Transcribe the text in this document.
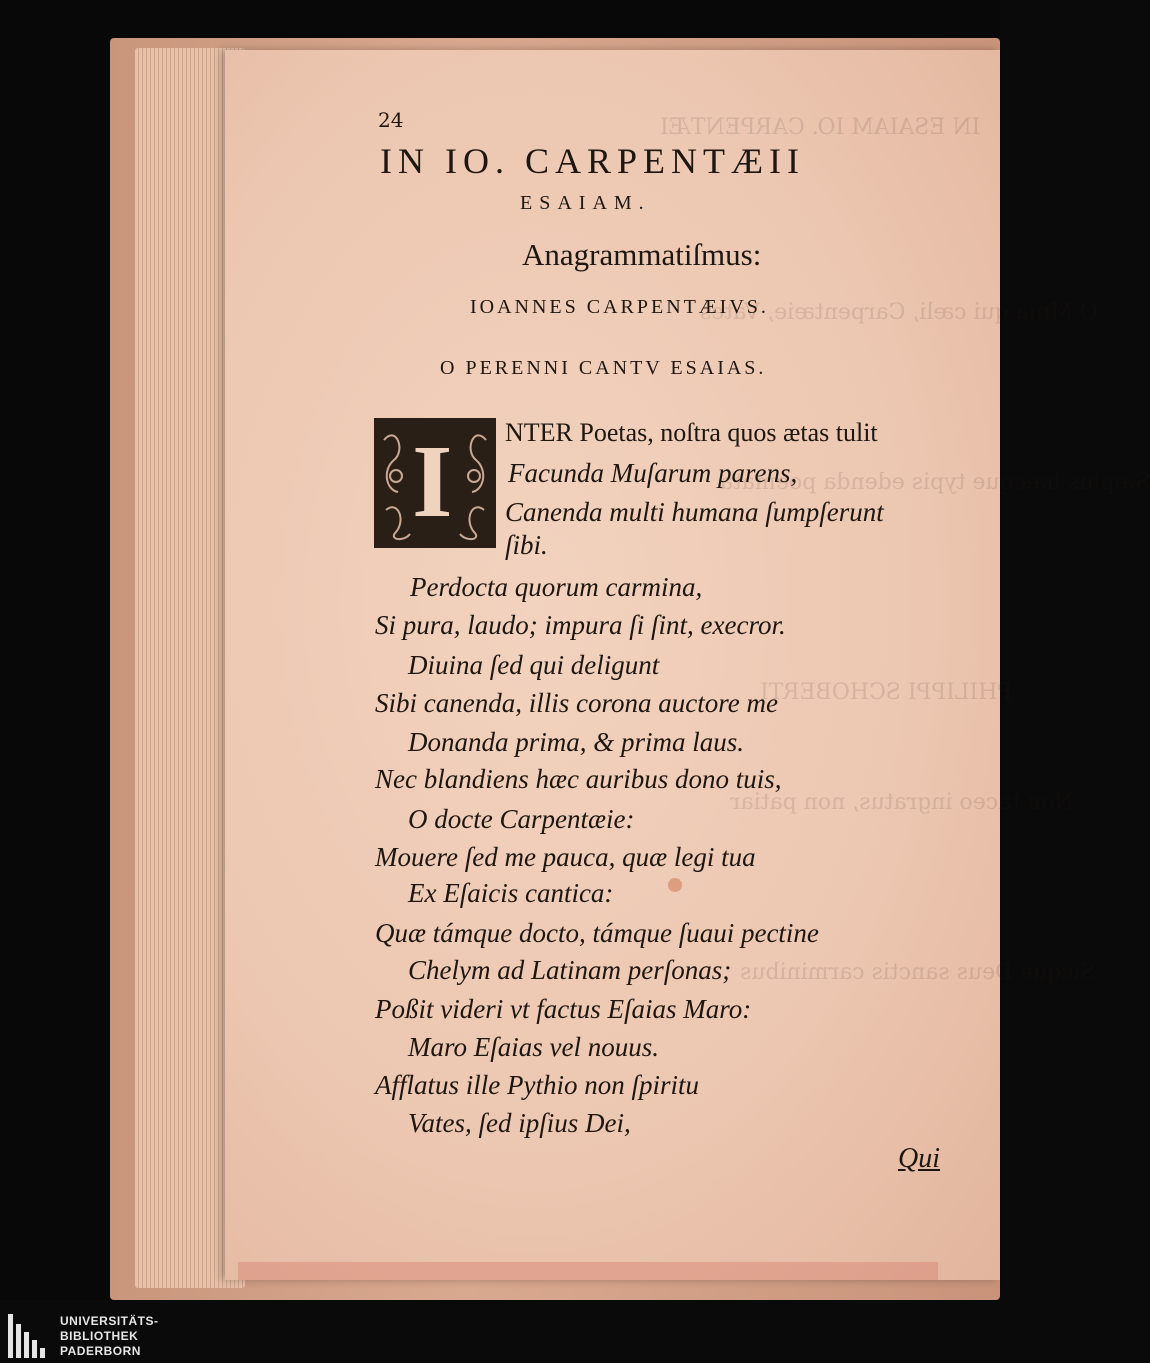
O Mnia
Sæpius hæcque
Non
Sicque
24
IN IO. CARPENTÆII
ESAIAM.
Anagrammatiſmus:
IOANNES CARPENTÆIVS.
O PERENNI CANTV ESAIAS.
I NTER Poetas, noſtra quos ætas tulit
Facunda Muſarum parens,
Canenda multi humana ſumpſerunt
ſibi.
Perdocta quorum carmina,
Si pura, laudo; impura ſi ſint, execror.
Diuina ſed qui deligunt
Sibi canenda, illis corona auctore me
Donanda prima, & prima laus.
Nec blandiens hæc auribus dono tuis,
O docte Carpentæie:
Mouere ſed me pauca, quæ legi tua
Ex Eſaicis cantica:
Quæ támque docto, támque ſuaui pectine
Chelym ad Latinam perſonas;
Poßit videri vt factus Eſaias Maro:
Maro Eſaias vel nouus.
Afflatus ille Pythio non ſpiritu
Vates, ſed ipſius Dei,
Qui
UNIVERSITÄTS-
BIBLIOTHEK
PADERBORN
